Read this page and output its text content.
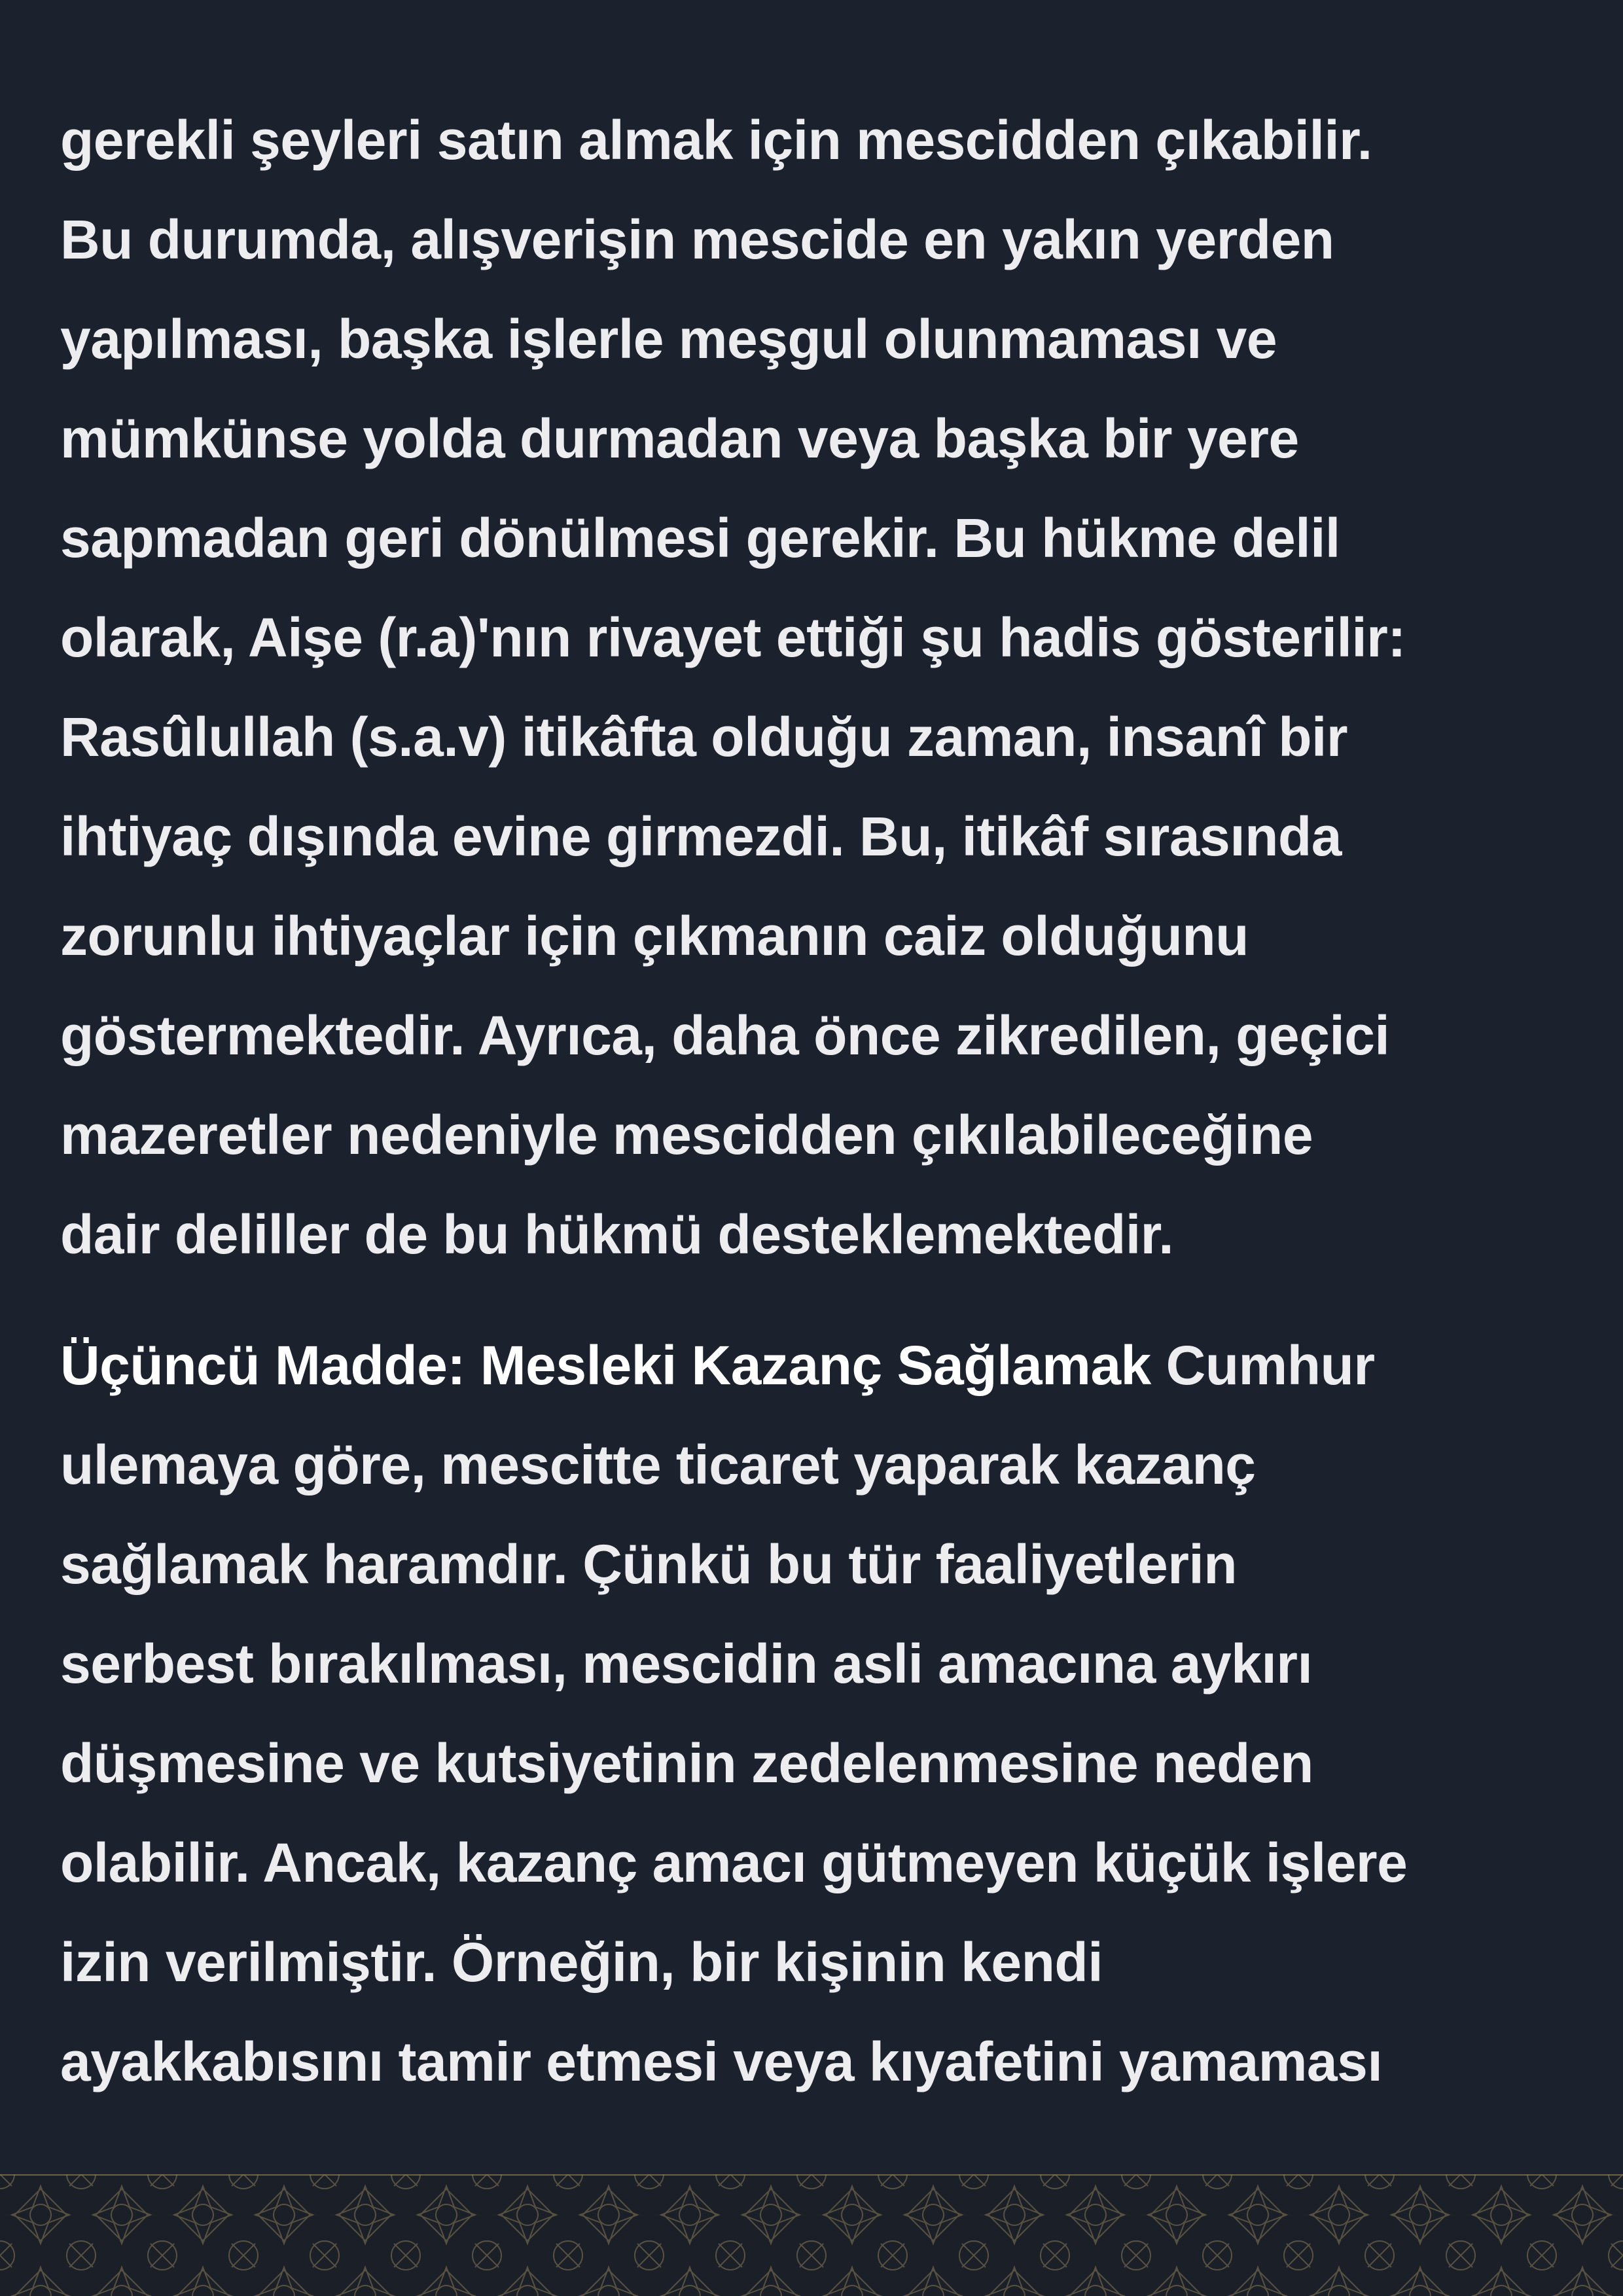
gerekli şeyleri satın almak için mescidden çıkabilir.
Bu durumda, alışverişin mescide en yakın yerden
yapılması, başka işlerle meşgul olunmaması ve
mümkünse yolda durmadan veya başka bir yere
sapmadan geri dönülmesi gerekir. Bu hükme delil
olarak, Aişe (r.a)'nın rivayet ettiği şu hadis gösterilir:
Rasûlullah (s.a.v) itikâfta olduğu zaman, insanî bir
ihtiyaç dışında evine girmezdi. Bu, itikâf sırasında
zorunlu ihtiyaçlar için çıkmanın caiz olduğunu
göstermektedir. Ayrıca, daha önce zikredilen, geçici
mazeretler nedeniyle mescidden çıkılabileceğine
dair deliller de bu hükmü desteklemektedir.
Üçüncü Madde: Mesleki Kazanç Sağlamak Cumhur
ulemaya göre, mescitte ticaret yaparak kazanç
sağlamak haramdır. Çünkü bu tür faaliyetlerin
serbest bırakılması, mescidin asli amacına aykırı
düşmesine ve kutsiyetinin zedelenmesine neden
olabilir. Ancak, kazanç amacı gütmeyen küçük işlere
izin verilmiştir. Örneğin, bir kişinin kendi
ayakkabısını tamir etmesi veya kıyafetini yamaması
